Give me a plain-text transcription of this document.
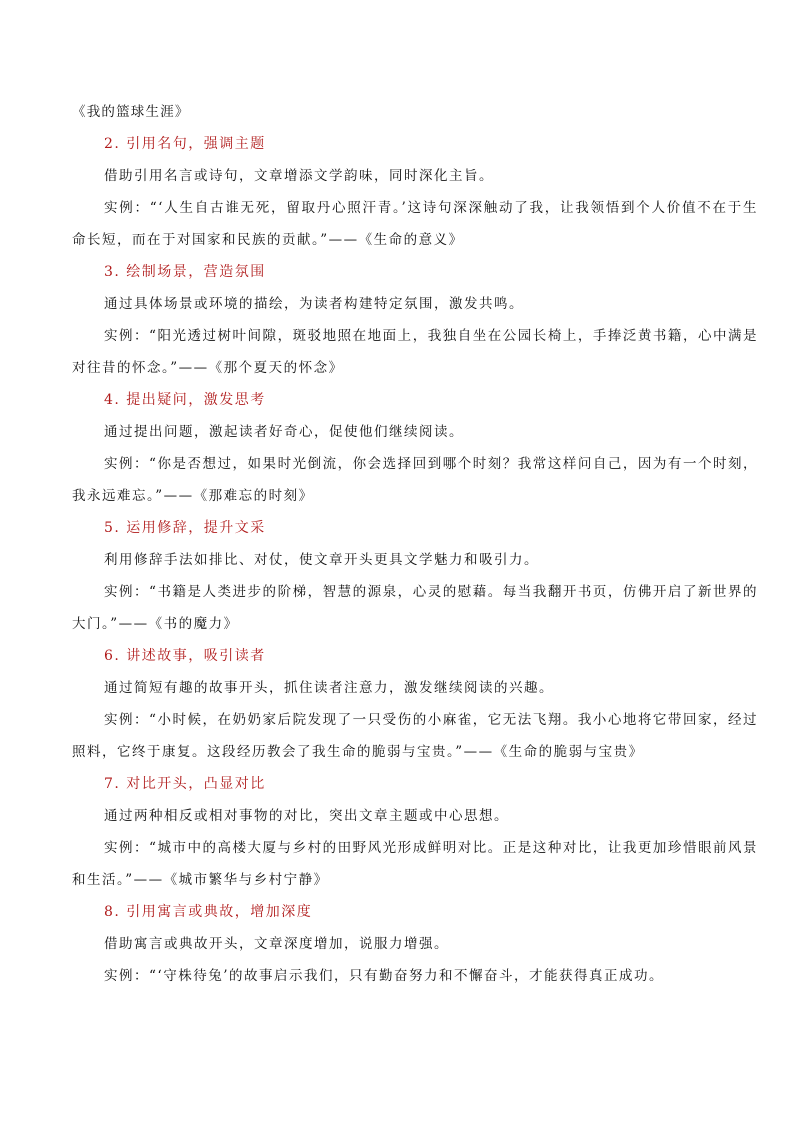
《我的篮球生涯》
2. 引用名句，强调主题
借助引用名言或诗句，文章增添文学韵味，同时深化主旨。
实例：“‘人生自古谁无死，留取丹心照汗青。’这诗句深深触动了我，让我领悟到个人价值不在于生命长短，而在于对国家和民族的贡献。”——《生命的意义》
3. 绘制场景，营造氛围
通过具体场景或环境的描绘，为读者构建特定氛围，激发共鸣。
实例：“阳光透过树叶间隙，斑驳地照在地面上，我独自坐在公园长椅上，手捧泛黄书籍，心中满是对往昔的怀念。”——《那个夏天的怀念》
4. 提出疑问，激发思考
通过提出问题，激起读者好奇心，促使他们继续阅读。
实例：“你是否想过，如果时光倒流，你会选择回到哪个时刻？我常这样问自己，因为有一个时刻，我永远难忘。”——《那难忘的时刻》
5. 运用修辞，提升文采
利用修辞手法如排比、对仗，使文章开头更具文学魅力和吸引力。
实例：“书籍是人类进步的阶梯，智慧的源泉，心灵的慰藉。每当我翻开书页，仿佛开启了新世界的大门。”——《书的魔力》
6. 讲述故事，吸引读者
通过简短有趣的故事开头，抓住读者注意力，激发继续阅读的兴趣。
实例：“小时候，在奶奶家后院发现了一只受伤的小麻雀，它无法飞翔。我小心地将它带回家，经过照料，它终于康复。这段经历教会了我生命的脆弱与宝贵。”——《生命的脆弱与宝贵》
7. 对比开头，凸显对比
通过两种相反或相对事物的对比，突出文章主题或中心思想。
实例：“城市中的高楼大厦与乡村的田野风光形成鲜明对比。正是这种对比，让我更加珍惜眼前风景和生活。”——《城市繁华与乡村宁静》
8. 引用寓言或典故，增加深度
借助寓言或典故开头，文章深度增加，说服力增强。
实例：“‘守株待兔’的故事启示我们，只有勤奋努力和不懈奋斗，才能获得真正成功。
